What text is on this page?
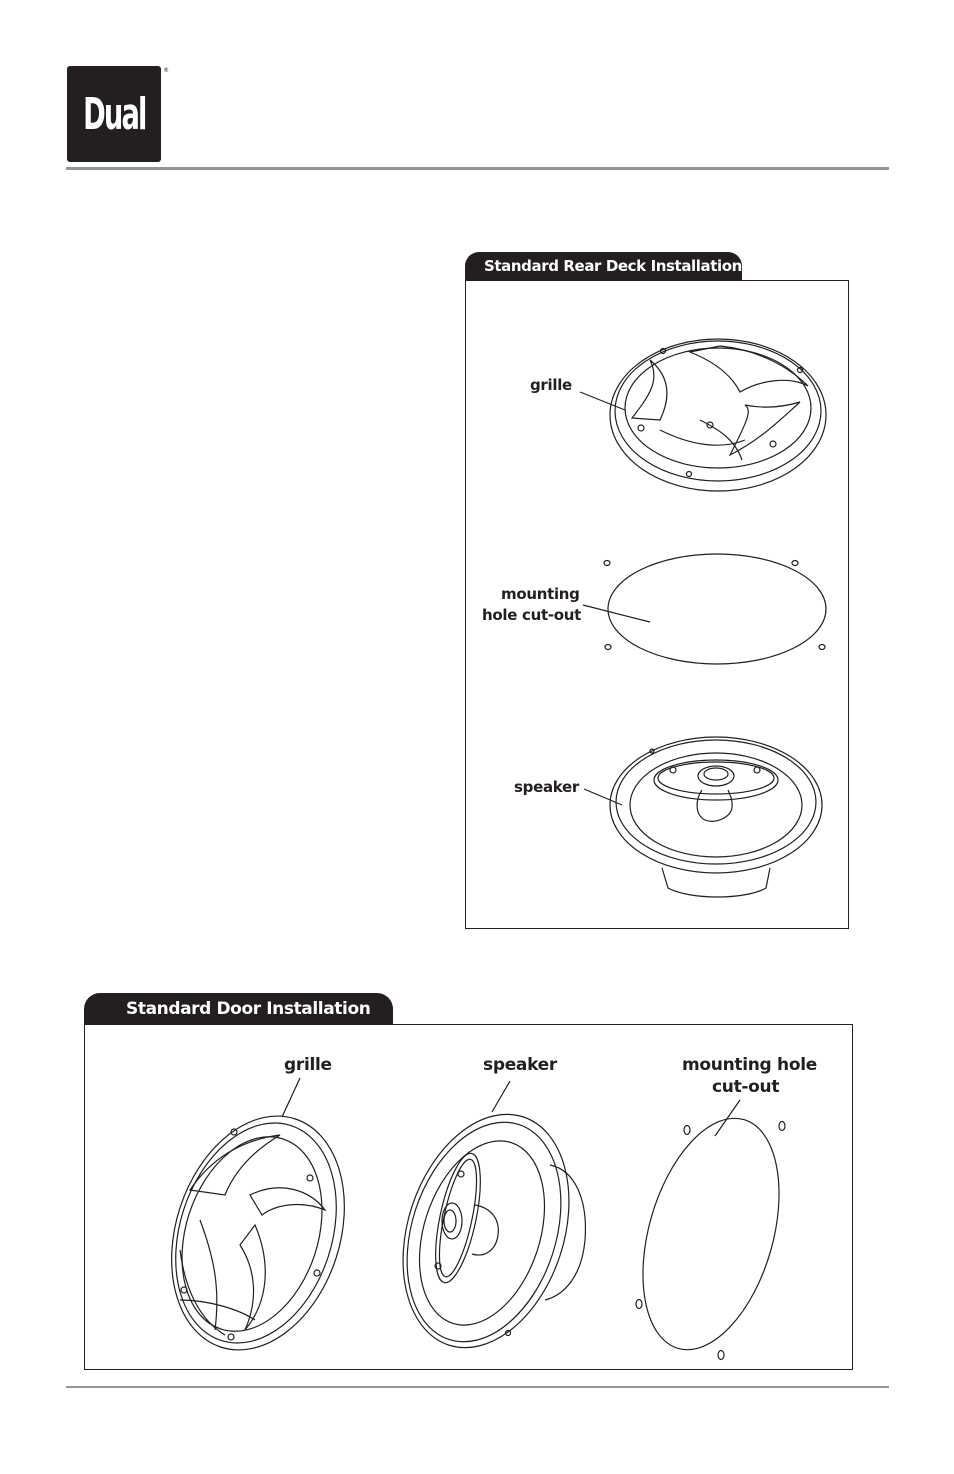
Dual
®
Standard Rear Deck Installation
grille
mounting
hole cut-out
speaker
Standard Door Installation
grille	speaker	mounting hole
cut-out
